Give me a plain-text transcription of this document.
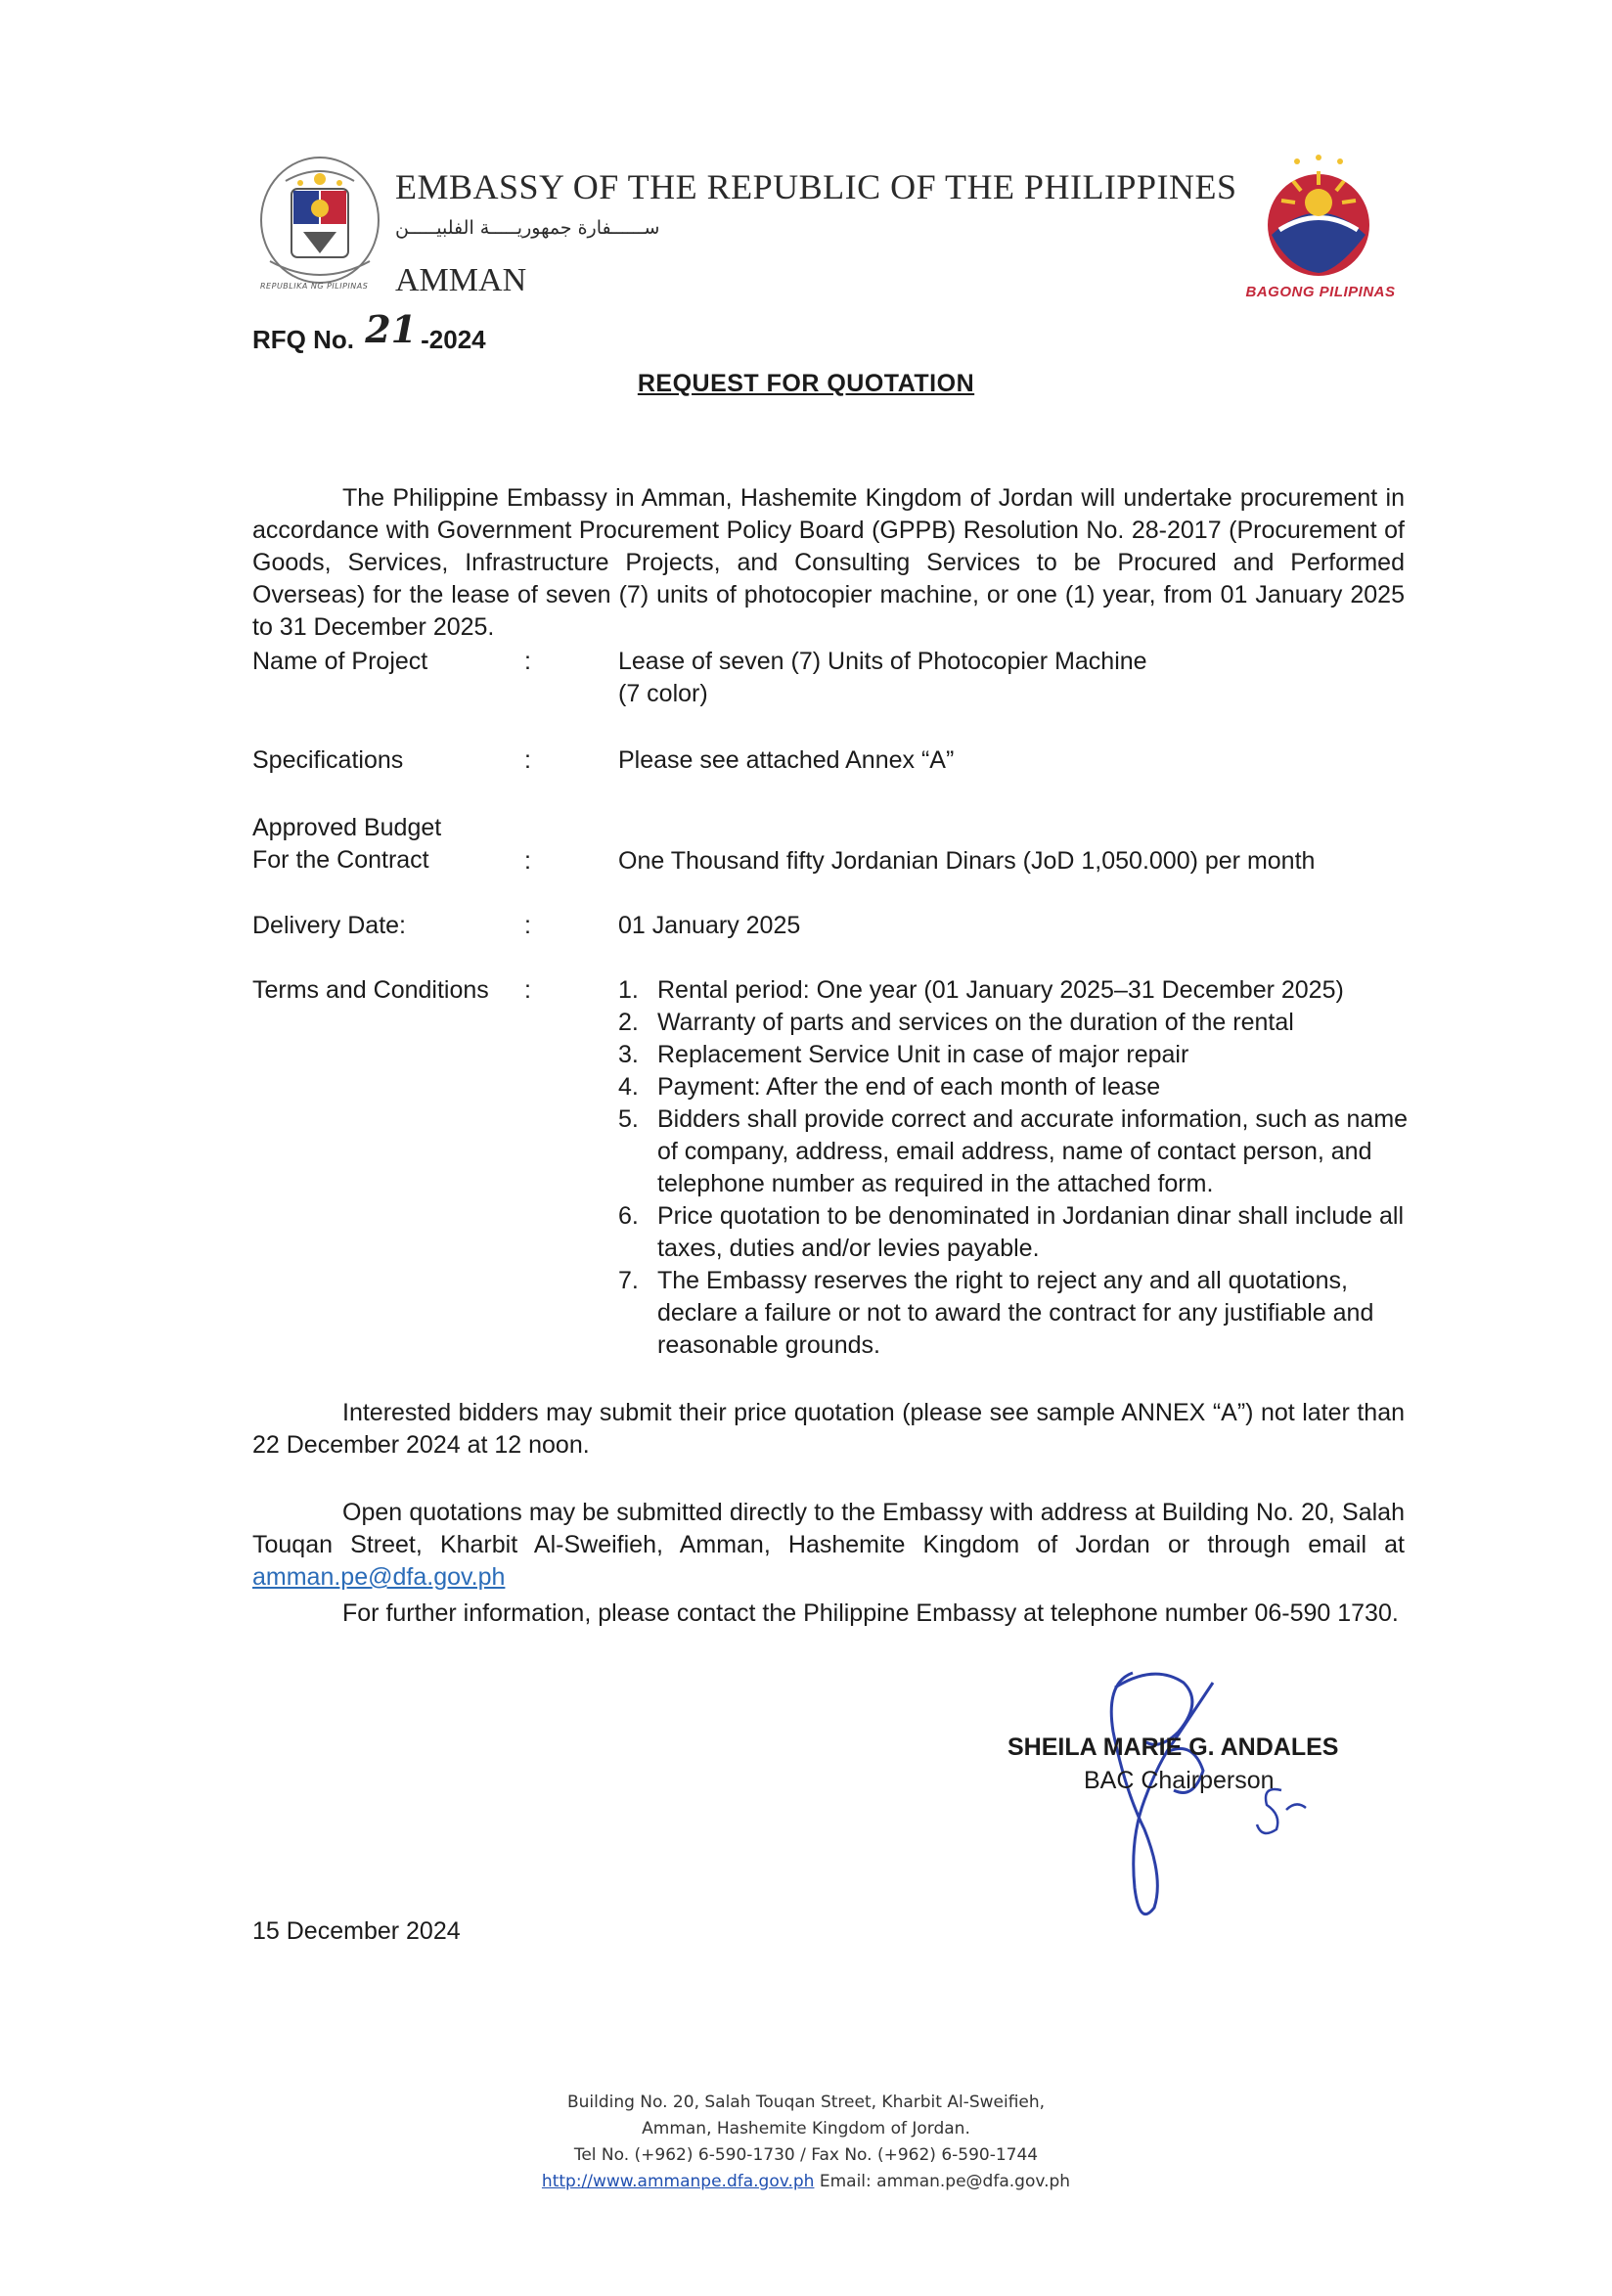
REPUBLIKA NG PILIPINAS
EMBASSY OF THE REPUBLIC OF THE PHILIPPINES
ســــــفارة جمهوريـــــة الفلبيـــــن
AMMAN	BAGONG PILIPINAS
RFQ No. 21 -2024
REQUEST FOR QUOTATION
The Philippine Embassy in Amman, Hashemite Kingdom of Jordan will undertake procurement in accordance with Government Procurement Policy Board (GPPB) Resolution No. 28-2017 (Procurement of Goods, Services, Infrastructure Projects, and Consulting Services to be Procured and Performed Overseas) for the lease of seven (7) units of photocopier machine, or one (1) year, from 01 January 2025 to 31 December 2025.
Name of Project	:	Lease of seven (7) Units of Photocopier Machine
(7 color)
Specifications	:	Please see attached Annex “A”
Approved Budget
For the Contract	:	One Thousand fifty Jordanian Dinars (JoD 1,050.000) per month
Delivery Date:	:	01 January 2025
Terms and Conditions :	1. Rental period: One year (01 January 2025–31 December 2025)
2. Warranty of parts and services on the duration of the rental
3. Replacement Service Unit in case of major repair
4. Payment: After the end of each month of lease
5. Bidders shall provide correct and accurate information, such as name of company, address, email address, name of contact person, and telephone number as required in the attached form.
6. Price quotation to be denominated in Jordanian dinar shall include all taxes, duties and/or levies payable.
7. The Embassy reserves the right to reject any and all quotations, declare a failure or not to award the contract for any justifiable and reasonable grounds.
Interested bidders may submit their price quotation (please see sample ANNEX “A”) not later than 22 December 2024 at 12 noon.
Open quotations may be submitted directly to the Embassy with address at Building No. 20, Salah Touqan Street, Kharbit Al-Sweifieh, Amman, Hashemite Kingdom of Jordan or through email at amman.pe@dfa.gov.ph
For further information, please contact the Philippine Embassy at telephone number 06-590 1730.
SHEILA MARIE G. ANDALES
BAC Chairperson
15 December 2024
Building No. 20, Salah Touqan Street, Kharbit Al-Sweifieh,
Amman, Hashemite Kingdom of Jordan.
Tel No. (+962) 6-590-1730 / Fax No. (+962) 6-590-1744
http://www.ammanpe.dfa.gov.ph Email: amman.pe@dfa.gov.ph
